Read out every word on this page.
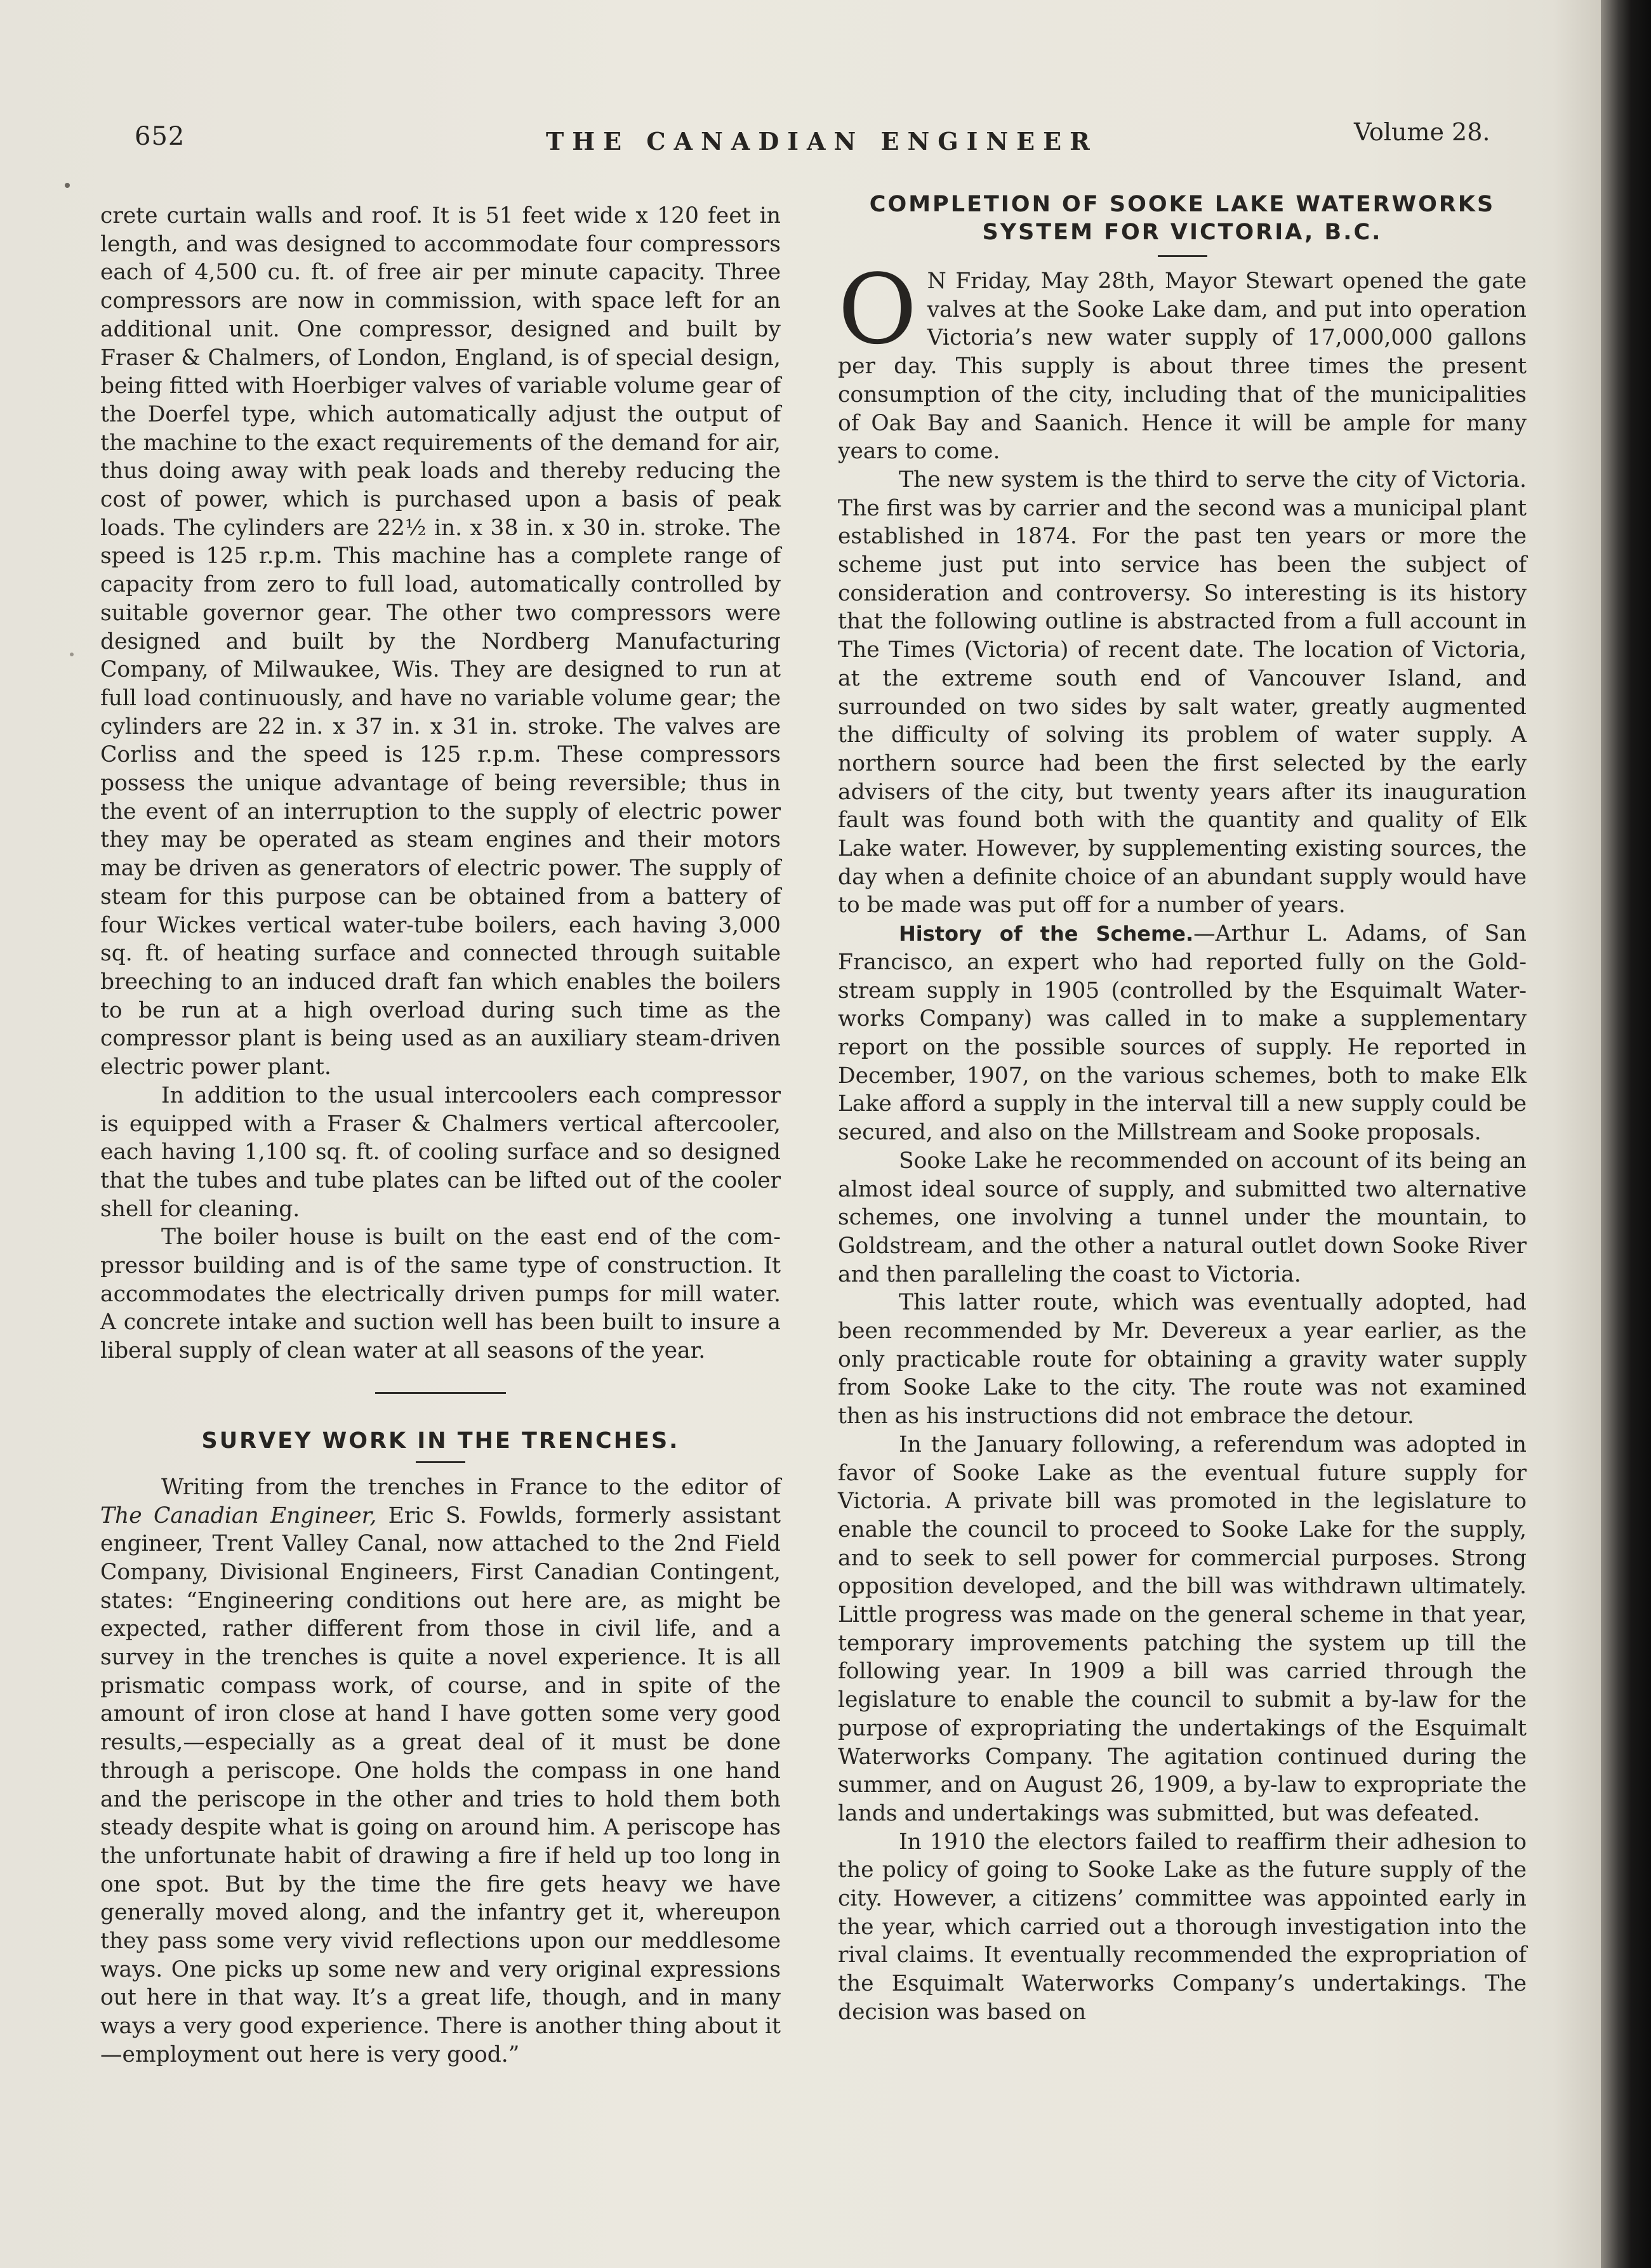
652	THE CANADIAN ENGINEER	Volume 28.

crete curtain walls and roof. It is 51 feet wide x 120 feet in length, and was designed to accommodate four compressors each of 4,500 cu. ft. of free air per minute capacity. Three compressors are now in commission, with space left for an additional unit. One compressor, designed and built by Fraser & Chalmers, of London, England, is of special design, being fitted with Hoerbiger valves of variable volume gear of the Doerfel type, which automatically adjust the output of the machine to the exact requirements of the demand for air, thus doing away with peak loads and thereby reducing the cost of power, which is purchased upon a basis of peak loads. The cylinders are 22½ in. x 38 in. x 30 in. stroke. The speed is 125 r.p.m. This machine has a complete range of capacity from zero to full load, automatically controlled by suitable governor gear. The other two compressors were designed and built by the Nordberg Manufacturing Company, of Milwaukee, Wis. They are designed to run at full load continuously, and have no variable volume gear; the cylinders are 22 in. x 37 in. x 31 in. stroke. The valves are Corliss and the speed is 125 r.p.m. These compressors possess the unique advantage of being reversible; thus in the event of an interruption to the supply of electric power they may be operated as steam engines and their motors may be driven as generators of electric power. The supply of steam for this purpose can be obtained from a battery of four Wickes vertical water-tube boilers, each having 3,000 sq. ft. of heating surface and connected through suitable breeching to an induced draft fan which enables the boilers to be run at a high overload during such time as the compressor plant is being used as an auxiliary steam-driven electric power plant.

In addition to the usual intercoolers each compressor is equipped with a Fraser & Chalmers vertical aftercooler, each having 1,100 sq. ft. of cooling surface and so designed that the tubes and tube plates can be lifted out of the cooler shell for cleaning.

The boiler house is built on the east end of the compressor building and is of the same type of construction. It accommodates the electrically driven pumps for mill water. A concrete intake and suction well has been built to insure a liberal supply of clean water at all seasons of the year.

SURVEY WORK IN THE TRENCHES.

Writing from the trenches in France to the editor of The Canadian Engineer, Eric S. Fowlds, formerly assistant engineer, Trent Valley Canal, now attached to the 2nd Field Company, Divisional Engineers, First Canadian Contingent, states: “Engineering conditions out here are, as might be expected, rather different from those in civil life, and a survey in the trenches is quite a novel experience. It is all prismatic compass work, of course, and in spite of the amount of iron close at hand I have gotten some very good results,—especially as a great deal of it must be done through a periscope. One holds the compass in one hand and the periscope in the other and tries to hold them both steady despite what is going on around him. A periscope has the unfortunate habit of drawing a fire if held up too long in one spot. But by the time the fire gets heavy we have generally moved along, and the infantry get it, whereupon they pass some very vivid reflections upon our meddlesome ways. One picks up some new and very original expressions out here in that way. It’s a great life, though, and in many ways a very good experience. There is another thing about it—employment out here is very good.”

COMPLETION OF SOOKE LAKE WATERWORKS
SYSTEM FOR VICTORIA, B.C.

O N Friday, May 28th, Mayor Stewart opened the gate valves at the Sooke Lake dam, and put into operation Victoria’s new water supply of 17,000,000 gallons per day. This supply is about three times the present consumption of the city, including that of the municipalities of Oak Bay and Saanich. Hence it will be ample for many years to come.

The new system is the third to serve the city of Victoria. The first was by carrier and the second was a municipal plant established in 1874. For the past ten years or more the scheme just put into service has been the subject of consideration and controversy. So interesting is its history that the following outline is abstracted from a full account in The Times (Victoria) of recent date. The location of Victoria, at the extreme south end of Vancouver Island, and surrounded on two sides by salt water, greatly augmented the difficulty of solving its problem of water supply. A northern source had been the first selected by the early advisers of the city, but twenty years after its inauguration fault was found both with the quantity and quality of Elk Lake water. However, by supplementing existing sources, the day when a definite choice of an abundant supply would have to be made was put off for a number of years.

History of the Scheme.—Arthur L. Adams, of San Francisco, an expert who had reported fully on the Goldstream supply in 1905 (controlled by the Esquimalt Waterworks Company) was called in to make a supplementary report on the possible sources of supply. He reported in December, 1907, on the various schemes, both to make Elk Lake afford a supply in the interval till a new supply could be secured, and also on the Millstream and Sooke proposals.

Sooke Lake he recommended on account of its being an almost ideal source of supply, and submitted two alternative schemes, one involving a tunnel under the mountain, to Goldstream, and the other a natural outlet down Sooke River and then paralleling the coast to Victoria.

This latter route, which was eventually adopted, had been recommended by Mr. Devereux a year earlier, as the only practicable route for obtaining a gravity water supply from Sooke Lake to the city. The route was not examined then as his instructions did not embrace the detour.

In the January following, a referendum was adopted in favor of Sooke Lake as the eventual future supply for Victoria. A private bill was promoted in the legislature to enable the council to proceed to Sooke Lake for the supply, and to seek to sell power for commercial purposes. Strong opposition developed, and the bill was withdrawn ultimately. Little progress was made on the general scheme in that year, temporary improvements patching the system up till the following year. In 1909 a bill was carried through the legislature to enable the council to submit a by-law for the purpose of expropriating the undertakings of the Esquimalt Waterworks Company. The agitation continued during the summer, and on August 26, 1909, a by-law to expropriate the lands and undertakings was submitted, but was defeated.

In 1910 the electors failed to reaffirm their adhesion to the policy of going to Sooke Lake as the future supply of the city. However, a citizens’ committee was appointed early in the year, which carried out a thorough investigation into the rival claims. It eventually recommended the expropriation of the Esquimalt Waterworks Company’s undertakings. The decision was based on
